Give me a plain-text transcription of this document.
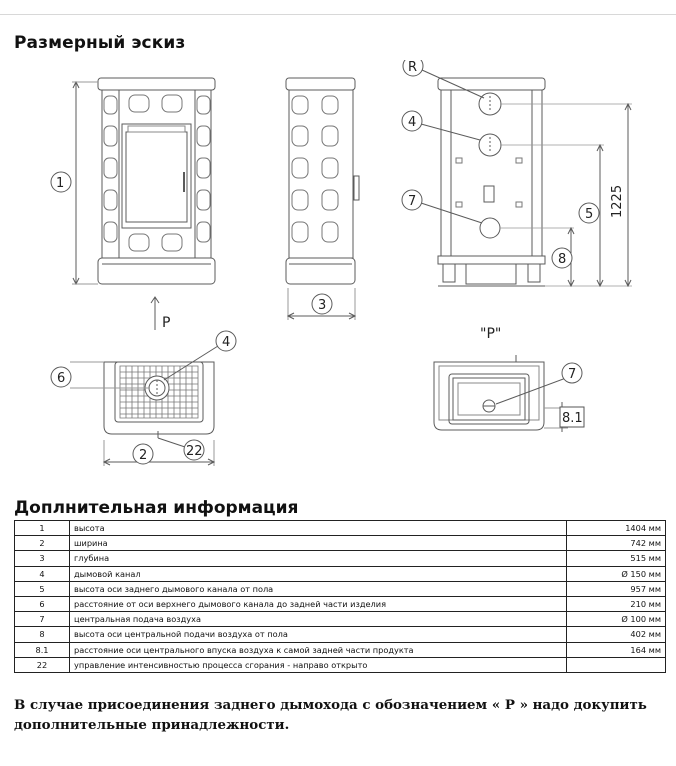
Размерный эскиз
1
P
3
R
4
7
5
8
1225
4
6
2	22
"P"
7
8.1
Доплнительная информация
1	высота	1404 мм
2	ширина	742 мм
3	глубина	515 мм
4	дымовой канал	Ø 150 мм
5	высота оси заднего дымового канала от пола	957 мм
6	расстояние от оси верхнего дымового канала до задней части изделия	210 мм
7	центральная подача воздуха	Ø 100 мм
8	высота оси центральной подачи воздуха от пола	402 мм
8.1	расстояние оси центрального впуска воздуха к самой задней части продукта	164 мм
22	управление интенсивностью процесса сгорания - направо открыто	
В случае присоединения заднего дымохода с обозначением « P » надо докупить дополнительные принадлежности.
